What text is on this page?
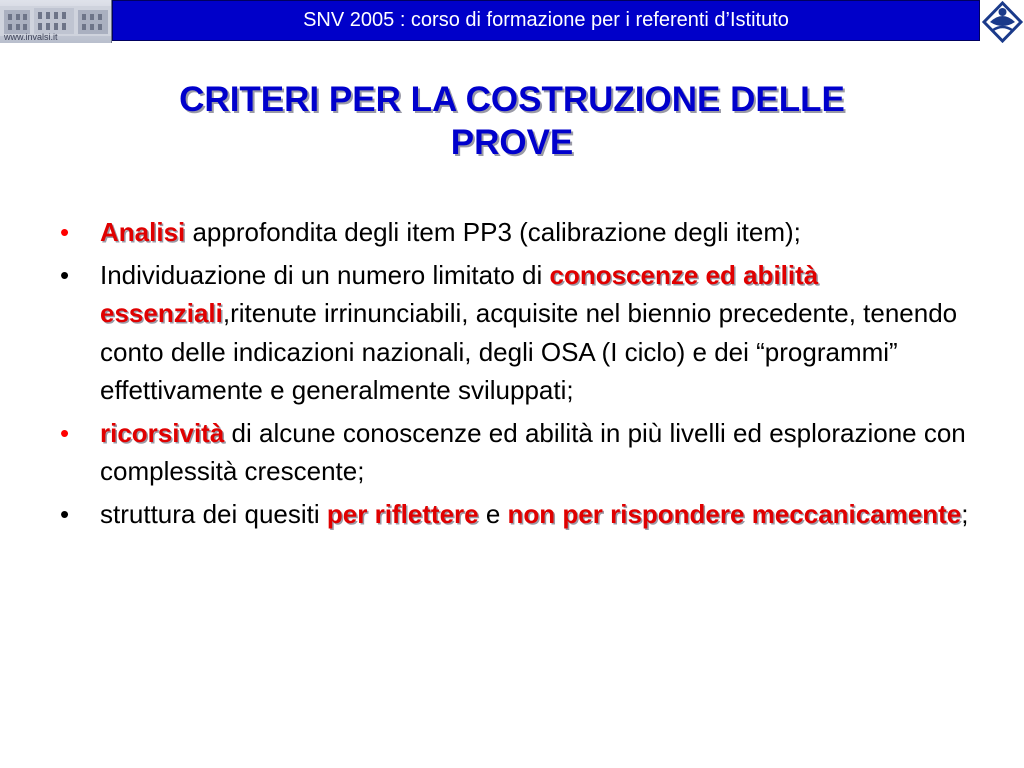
www.invalsi.it
SNV 2005 : corso di formazione per i referenti d’Istituto
CRITERI PER LA COSTRUZIONE DELLE
PROVE
• Analisi approfondita degli item PP3 (calibrazione degli item);
• Individuazione di un numero limitato di conoscenze ed abilità essenziali,ritenute irrinunciabili, acquisite nel biennio precedente, tenendo conto delle indicazioni nazionali, degli OSA (I ciclo) e dei “programmi” effettivamente e generalmente sviluppati;
• ricorsività di alcune conoscenze ed abilità in più livelli ed esplorazione con complessità crescente;
• struttura dei quesiti per riflettere e non per rispondere meccanicamente;
